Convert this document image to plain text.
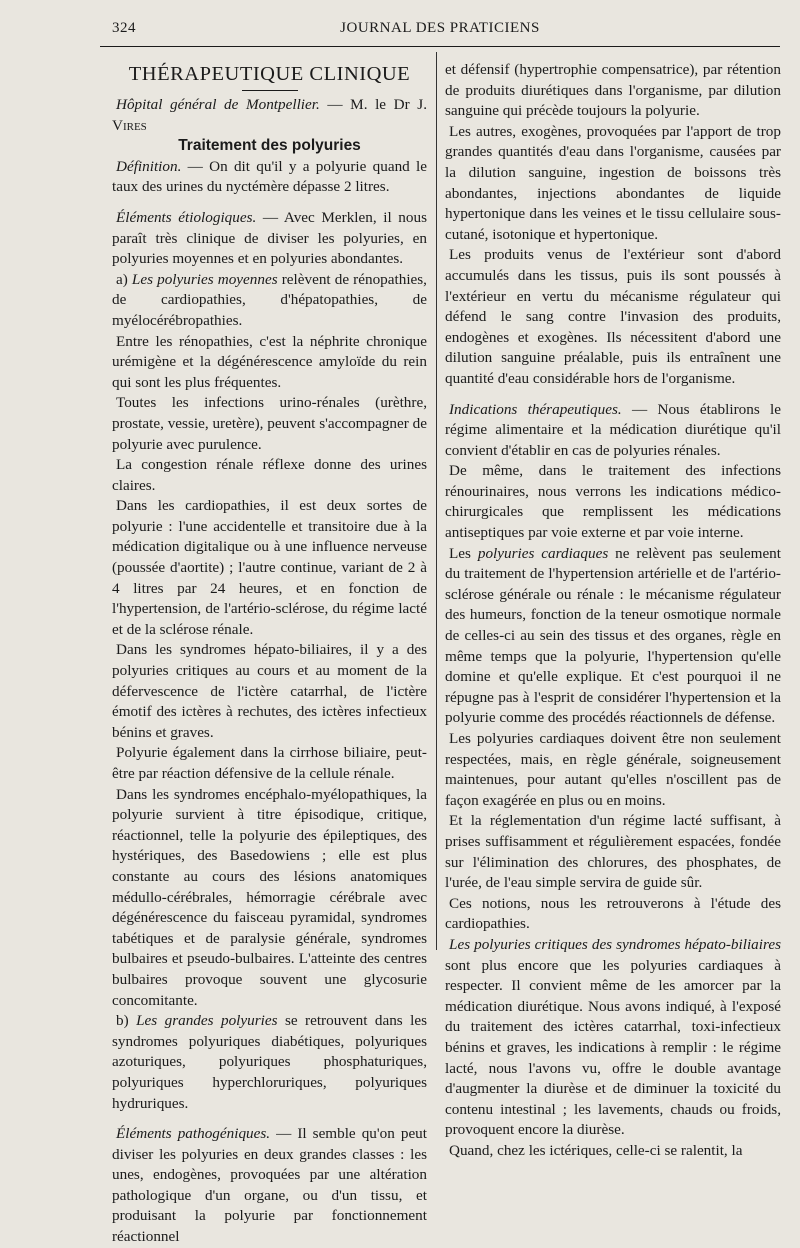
324	JOURNAL DES PRATICIENS
THÉRAPEUTIQUE CLINIQUE

Hôpital général de Montpellier. — M. le Dr J. Vires

Traitement des polyuries

Définition. — On dit qu'il y a polyurie quand le taux des urines du nyctémère dépasse 2 litres.

Éléments étiologiques. — Avec Merklen, il nous paraît très clinique de diviser les polyuries, en polyuries moyennes et en polyuries abondantes.

a) Les polyuries moyennes relèvent de rénopathies, de cardiopathies, d'hépatopathies, de myélocérébropathies.

Entre les rénopathies, c'est la néphrite chronique urémigène et la dégénérescence amyloïde du rein qui sont les plus fréquentes.

Toutes les infections urino-rénales (urèthre, prostate, vessie, uretère), peuvent s'accompagner de polyurie avec purulence.

La congestion rénale réflexe donne des urines claires.

Dans les cardiopathies, il est deux sortes de polyurie : l'une accidentelle et transitoire due à la médication digitalique ou à une influence nerveuse (poussée d'aortite) ; l'autre continue, variant de 2 à 4 litres par 24 heures, et en fonction de l'hypertension, de l'artério-sclérose, du régime lacté et de la sclérose rénale.

Dans les syndromes hépato-biliaires, il y a des polyuries critiques au cours et au moment de la défervescence de l'ictère catarrhal, de l'ictère émotif des ictères à rechutes, des ictères infectieux bénins et graves.

Polyurie également dans la cirrhose biliaire, peut-être par réaction défensive de la cellule rénale.

Dans les syndromes encéphalo-myélopathiques, la polyurie survient à titre épisodique, critique, réactionnel, telle la polyurie des épileptiques, des hystériques, des Basedowiens ; elle est plus constante au cours des lésions anatomiques médullo-cérébrales, hémorragie cérébrale avec dégénérescence du faisceau pyramidal, syndromes tabétiques et de paralysie générale, syndromes bulbaires et pseudo-bulbaires. L'atteinte des centres bulbaires provoque souvent une glycosurie concomitante.

b) Les grandes polyuries se retrouvent dans les syndromes polyuriques diabétiques, polyuriques azoturiques, polyuriques phosphaturiques, polyuriques hyperchloruriques, polyuriques hydruriques.

Éléments pathogéniques. — Il semble qu'on peut diviser les polyuries en deux grandes classes : les unes, endogènes, provoquées par une altération pathologique d'un organe, ou d'un tissu, et produisant la polyurie par fonctionnement réactionnel

et défensif (hypertrophie compensatrice), par rétention de produits diurétiques dans l'organisme, par dilution sanguine qui précède toujours la polyurie.

Les autres, exogènes, provoquées par l'apport de trop grandes quantités d'eau dans l'organisme, causées par la dilution sanguine, ingestion de boissons très abondantes, injections abondantes de liquide hypertonique dans les veines et le tissu cellulaire sous-cutané, isotonique et hypertonique.

Les produits venus de l'extérieur sont d'abord accumulés dans les tissus, puis ils sont poussés à l'extérieur en vertu du mécanisme régulateur qui défend le sang contre l'invasion des produits, endogènes et exogènes. Ils nécessitent d'abord une dilution sanguine préalable, puis ils entraînent une quantité d'eau considérable hors de l'organisme.

Indications thérapeutiques. — Nous établirons le régime alimentaire et la médication diurétique qu'il convient d'établir en cas de polyuries rénales.

De même, dans le traitement des infections rénourinaires, nous verrons les indications médico-chirurgicales que remplissent les médications antiseptiques par voie externe et par voie interne.

Les polyuries cardiaques ne relèvent pas seulement du traitement de l'hypertension artérielle et de l'artério-sclérose générale ou rénale : le mécanisme régulateur des humeurs, fonction de la teneur osmotique normale de celles-ci au sein des tissus et des organes, règle en même temps que la polyurie, l'hypertension qu'elle domine et qu'elle explique. Et c'est pourquoi il ne répugne pas à l'esprit de considérer l'hypertension et la polyurie comme des procédés réactionnels de défense.

Les polyuries cardiaques doivent être non seulement respectées, mais, en règle générale, soigneusement maintenues, pour autant qu'elles n'oscillent pas de façon exagérée en plus ou en moins.

Et la réglementation d'un régime lacté suffisant, à prises suffisamment et régulièrement espacées, fondée sur l'élimination des chlorures, des phosphates, de l'urée, de l'eau simple servira de guide sûr.

Ces notions, nous les retrouverons à l'étude des cardiopathies.

Les polyuries critiques des syndromes hépato-biliaires sont plus encore que les polyuries cardiaques à respecter. Il convient même de les amorcer par la médication diurétique. Nous avons indiqué, à l'exposé du traitement des ictères catarrhal, toxi-infectieux bénins et graves, les indications à remplir : le régime lacté, nous l'avons vu, offre le double avantage d'augmenter la diurèse et de diminuer la toxicité du contenu intestinal ; les lavements, chauds ou froids, provoquent encore la diurèse.

Quand, chez les ictériques, celle-ci se ralentit, la
